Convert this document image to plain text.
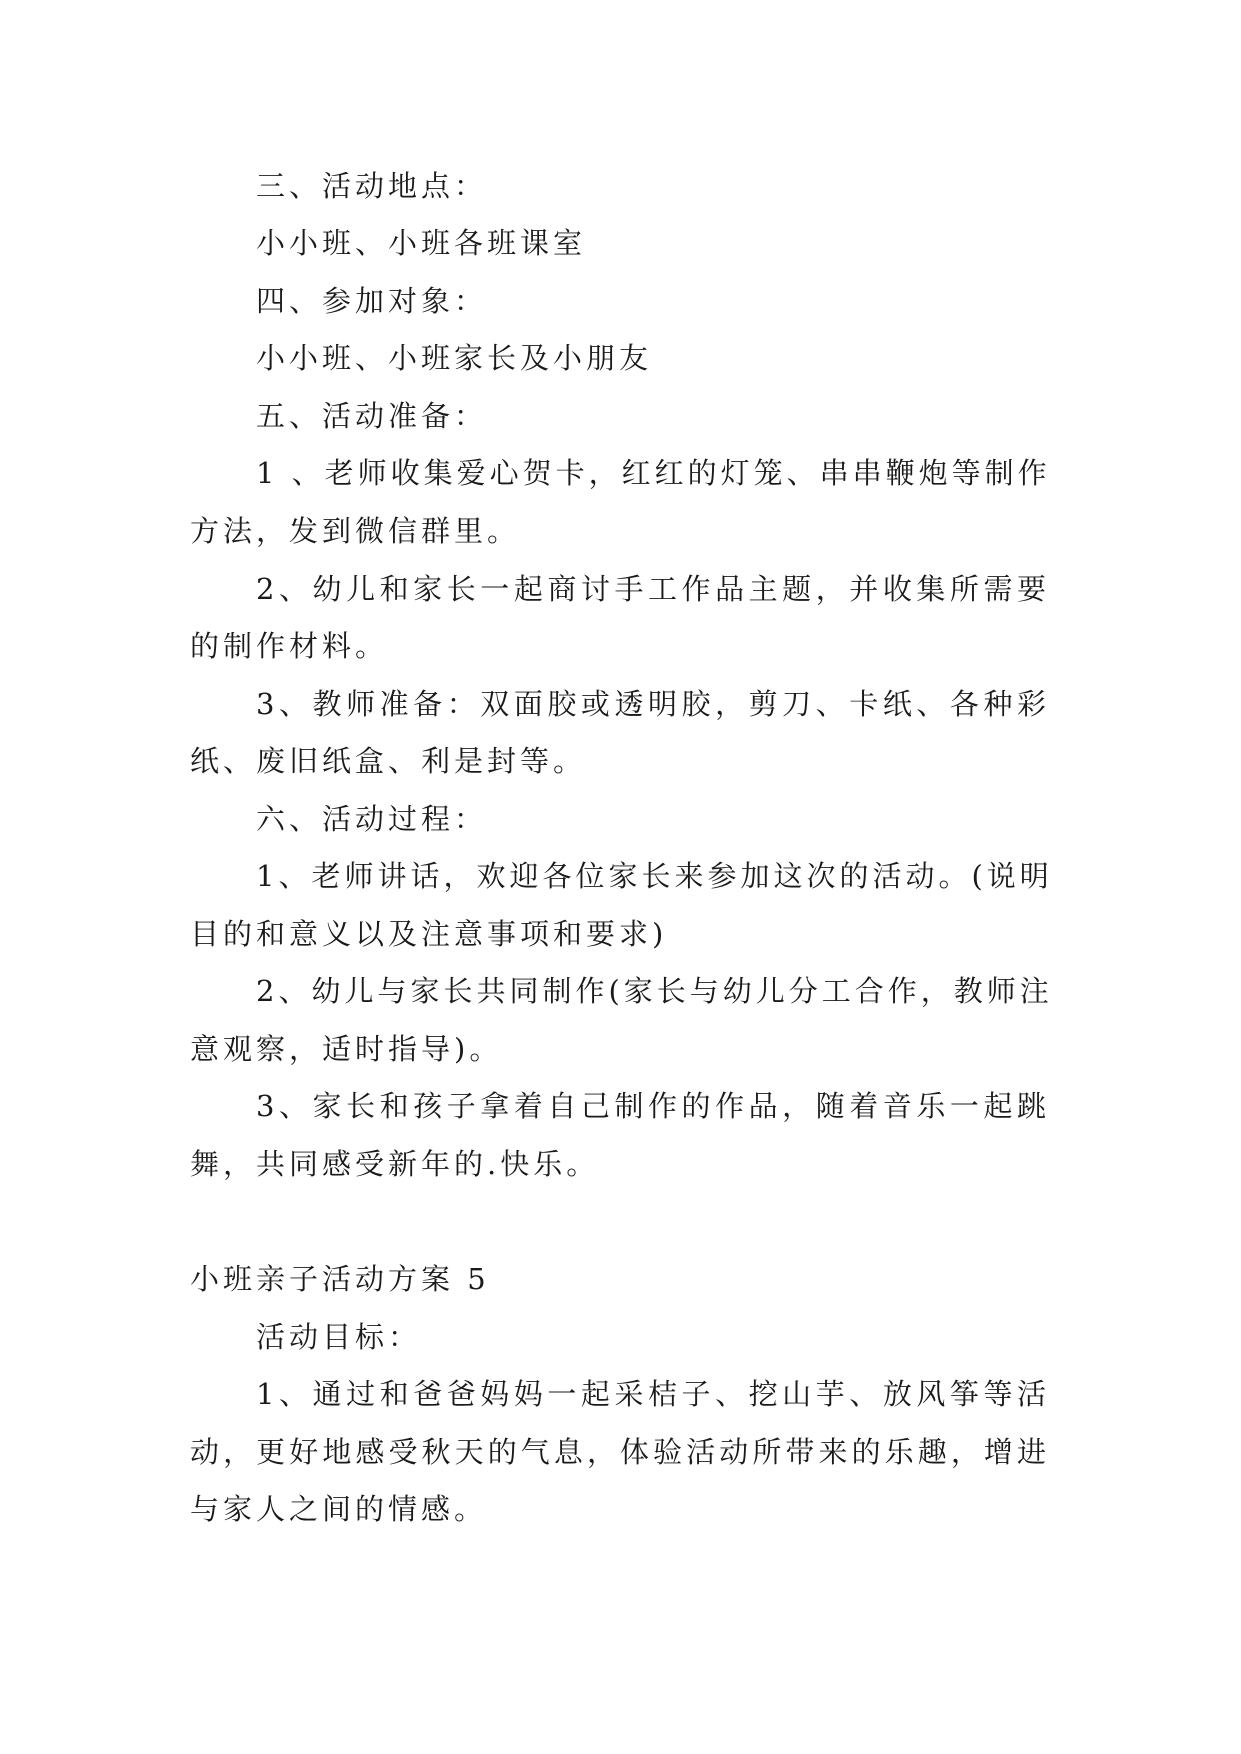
三、活动地点：
小小班、小班各班课室
四、参加对象：
小小班、小班家长及小朋友
五、活动准备：
1 、老师收集爱心贺卡，红红的灯笼、串串鞭炮等制作
方法，发到微信群里。
2、幼儿和家长一起商讨手工作品主题，并收集所需要
的制作材料。
3、教师准备：双面胶或透明胶，剪刀、卡纸、各种彩
纸、废旧纸盒、利是封等。
六、活动过程：
1、老师讲话，欢迎各位家长来参加这次的活动。(说明
目的和意义以及注意事项和要求)
2、幼儿与家长共同制作(家长与幼儿分工合作，教师注
意观察，适时指导)。
3、家长和孩子拿着自己制作的作品，随着音乐一起跳
舞，共同感受新年的.快乐。
小班亲子活动方案 5
活动目标：
1、通过和爸爸妈妈一起采桔子、挖山芋、放风筝等活
动，更好地感受秋天的气息，体验活动所带来的乐趣，增进
与家人之间的情感。
